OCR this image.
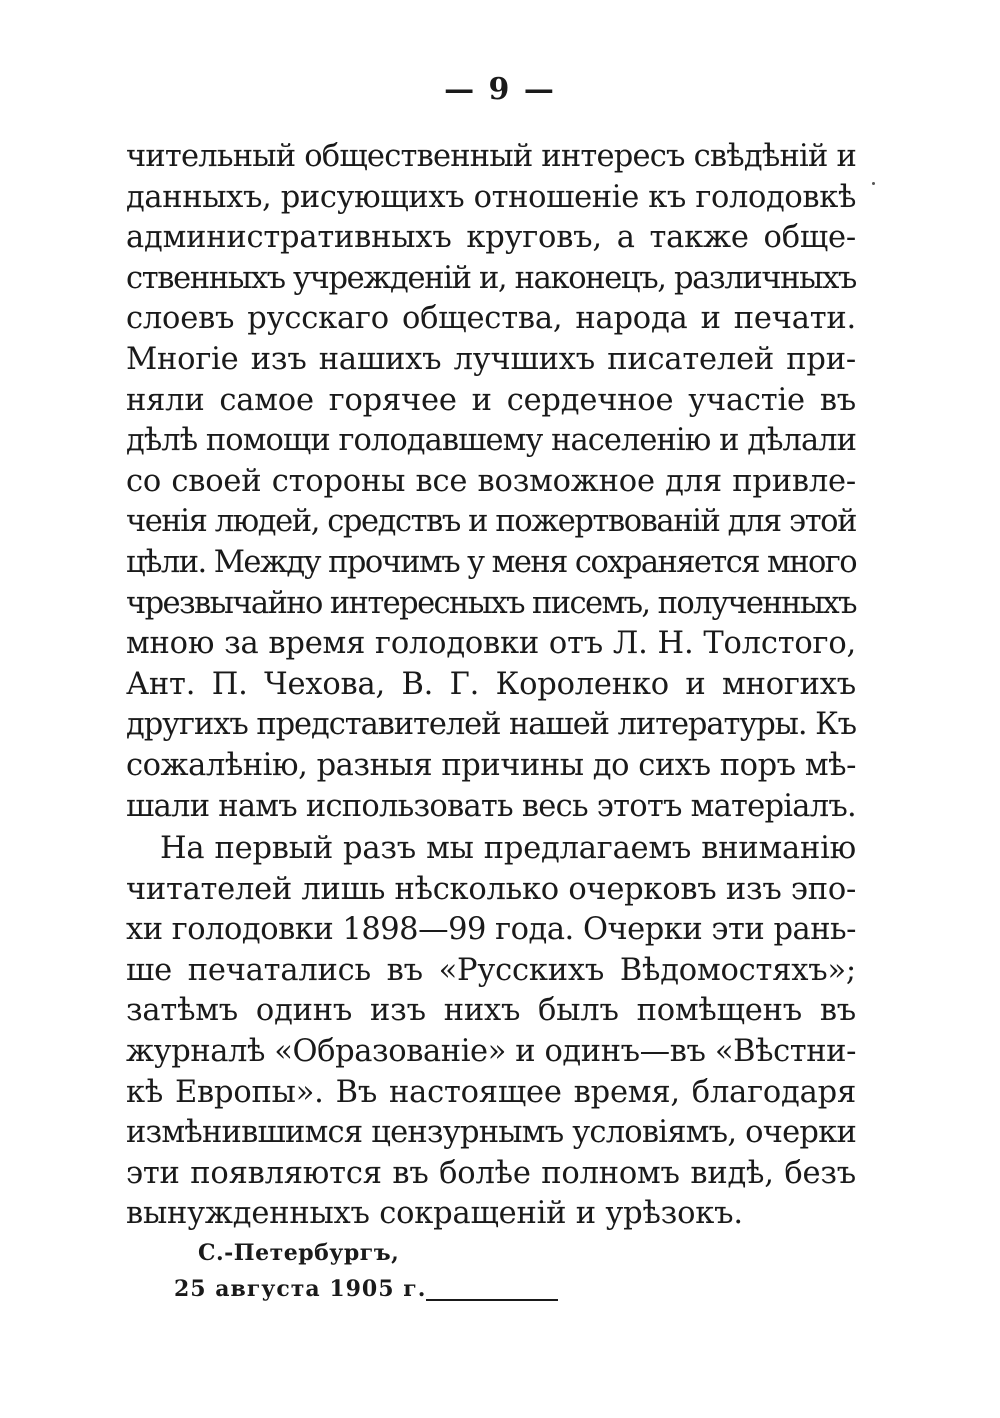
— 9 —
чительный общественный интересъ свѣдѣній и
данныхъ, рисующихъ отношеніе къ голодовкѣ
административныхъ круговъ, а также обще-
ственныхъ учрежденій и, наконецъ, различныхъ
слоевъ русскаго общества, народа и печати.
Многіе изъ нашихъ лучшихъ писателей при-
няли самое горячее и сердечное участіе въ
дѣлѣ помощи голодавшему населенію и дѣлали
со своей стороны все возможное для привле-
ченія людей, средствъ и пожертвованій для этой
цѣли. Между прочимъ у меня сохраняется много
чрезвычайно интересныхъ писемъ, полученныхъ
мною за время голодовки отъ Л. Н. Толстого,
Ант. П. Чехова, В. Г. Короленко и многихъ
другихъ представителей нашей литературы. Къ
сожалѣнію, разныя причины до сихъ поръ мѣ-
шали намъ использовать весь этотъ матеріалъ.
На первый разъ мы предлагаемъ вниманію
читателей лишь нѣсколько очерковъ изъ эпо-
хи голодовки 1898—99 года. Очерки эти рань-
ше печатались въ «Русскихъ Вѣдомостяхъ»;
затѣмъ одинъ изъ нихъ былъ помѣщенъ въ
журналѣ «Образованіе» и одинъ—въ «Вѣстни-
кѣ Европы». Въ настоящее время, благодаря
измѣнившимся цензурнымъ условіямъ, очерки
эти появляются въ болѣе полномъ видѣ, безъ
вынужденныхъ сокращеній и урѣзокъ.
С.-Петербургъ,
25 августа 1905 г.
